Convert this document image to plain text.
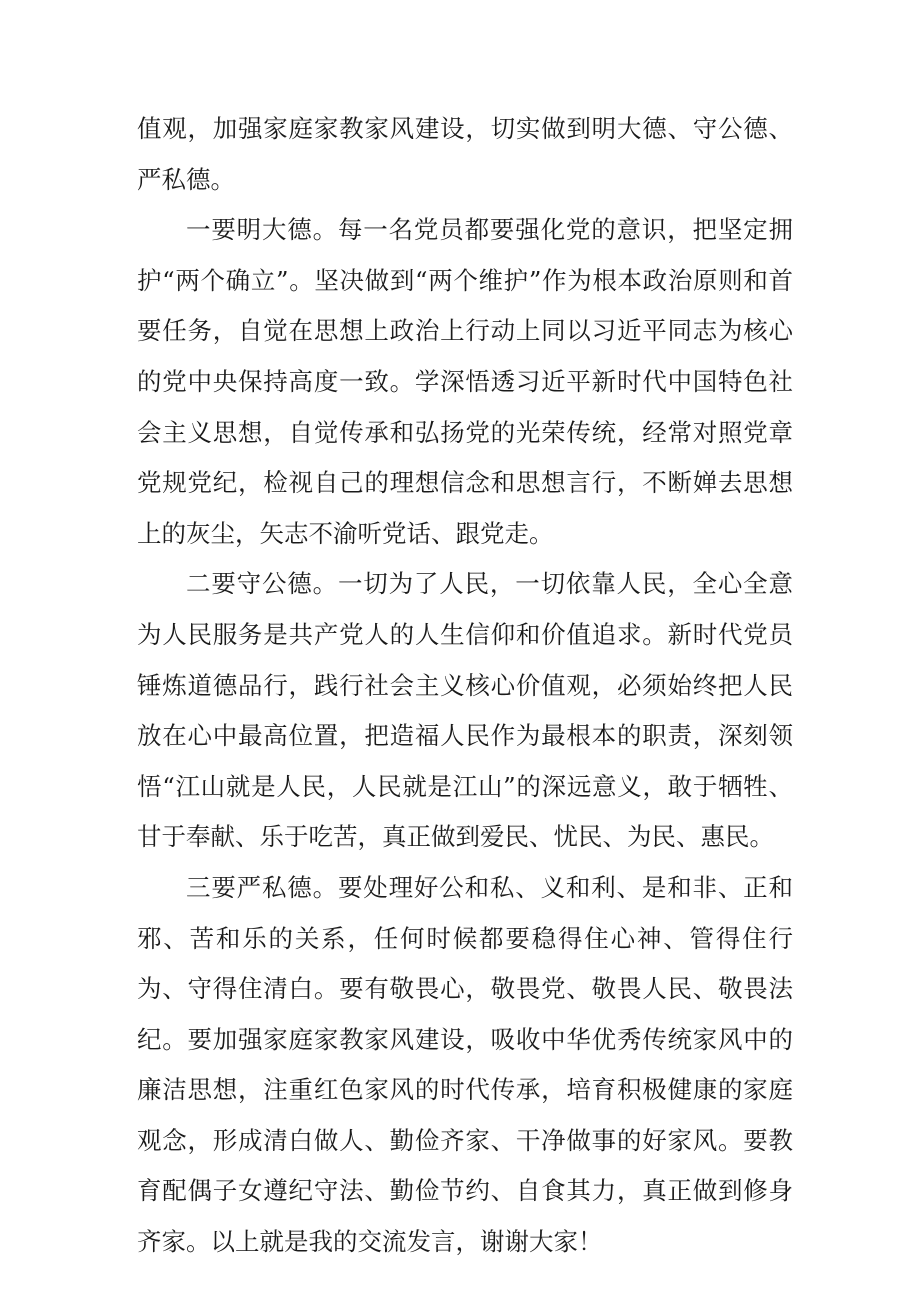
值观，加强家庭家教家风建设，切实做到明大德、守公德、严私德。

一要明大德。每一名党员都要强化党的意识，把坚定拥护“两个确立”。坚决做到“两个维护”作为根本政治原则和首要任务，自觉在思想上政治上行动上同以习近平同志为核心的党中央保持高度一致。学深悟透习近平新时代中国特色社会主义思想，自觉传承和弘扬党的光荣传统，经常对照党章党规党纪，检视自己的理想信念和思想言行，不断婵去思想上的灰尘，矢志不渝听党话、跟党走。

二要守公德。一切为了人民，一切依靠人民，全心全意为人民服务是共产党人的人生信仰和价值追求。新时代党员锤炼道德品行，践行社会主义核心价值观，必须始终把人民放在心中最高位置，把造福人民作为最根本的职责，深刻领悟“江山就是人民，人民就是江山”的深远意义，敢于牺牲、甘于奉献、乐于吃苦，真正做到爱民、忧民、为民、惠民。

三要严私德。要处理好公和私、义和利、是和非、正和邪、苦和乐的关系，任何时候都要稳得住心神、管得住行为、守得住清白。要有敬畏心，敬畏党、敬畏人民、敬畏法纪。要加强家庭家教家风建设，吸收中华优秀传统家风中的廉洁思想，注重红色家风的时代传承，培育积极健康的家庭观念，形成清白做人、勤俭齐家、干净做事的好家风。要教育配偶子女遵纪守法、勤俭节约、自食其力，真正做到修身齐家。以上就是我的交流发言，谢谢大家！
